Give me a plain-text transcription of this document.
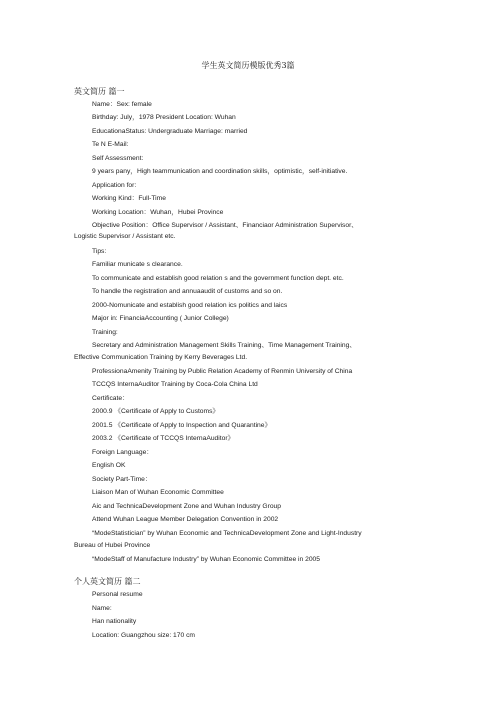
学生英文简历模版优秀3篇
英文简历 篇一
Name：Sex: female
Birthday: July，1978 President Location: Wuhan
EducationaStatus: Undergraduate Marriage: married
Te N E-Mail:
Self Assessment:
9 years pany，High teammunication and coordination skills，optimistic，self-initiative.
Application for:
Working Kind：Full-Time
Working Location：Wuhan，Hubei Province
Objective Position：Office Supervisor / Assistant、Financiaor Administration Supervisor、
Logistic Supervisor / Assistant etc.
Tips:
Familiar municate s clearance.
To communicate and establish good relation s and the government function dept. etc.
To handle the registration and annuaaudit of customs and so on.
2000-Nomunicate and establish good relation ics politics and laics
Major in: FinanciaAccounting ( Junior College)
Training:
Secretary and Administration Management Skills Training、Time Management Training、
Effective Communication Training by Kerry Beverages Ltd.
ProfessionaAmenity Training by Public Relation Academy of Renmin University of China
TCCQS InternaAuditor Training by Coca-Cola China Ltd
Certificate：
2000.9 《Certificate of Apply to Customs》
2001.5 《Certificate of Apply to Inspection and Quarantine》
2003.2 《Certificate of TCCQS InternaAuditor》
Foreign Language：
English OK
Society Part-Time：
Liaison Man of Wuhan Economic Committee
Aic and TechnicaDevelopment Zone and Wuhan Industry Group
Attend Wuhan League Member Delegation Convention in 2002
“ModeStatistician” by Wuhan Economic and TechnicaDevelopment Zone and Light-Industry
Bureau of Hubei Province
“ModeStaff of Manufacture Industry” by Wuhan Economic Committee in 2005
个人英文简历 篇二
Personal resume
Name:
Han nationality
Location: Guangzhou size: 170 cm
